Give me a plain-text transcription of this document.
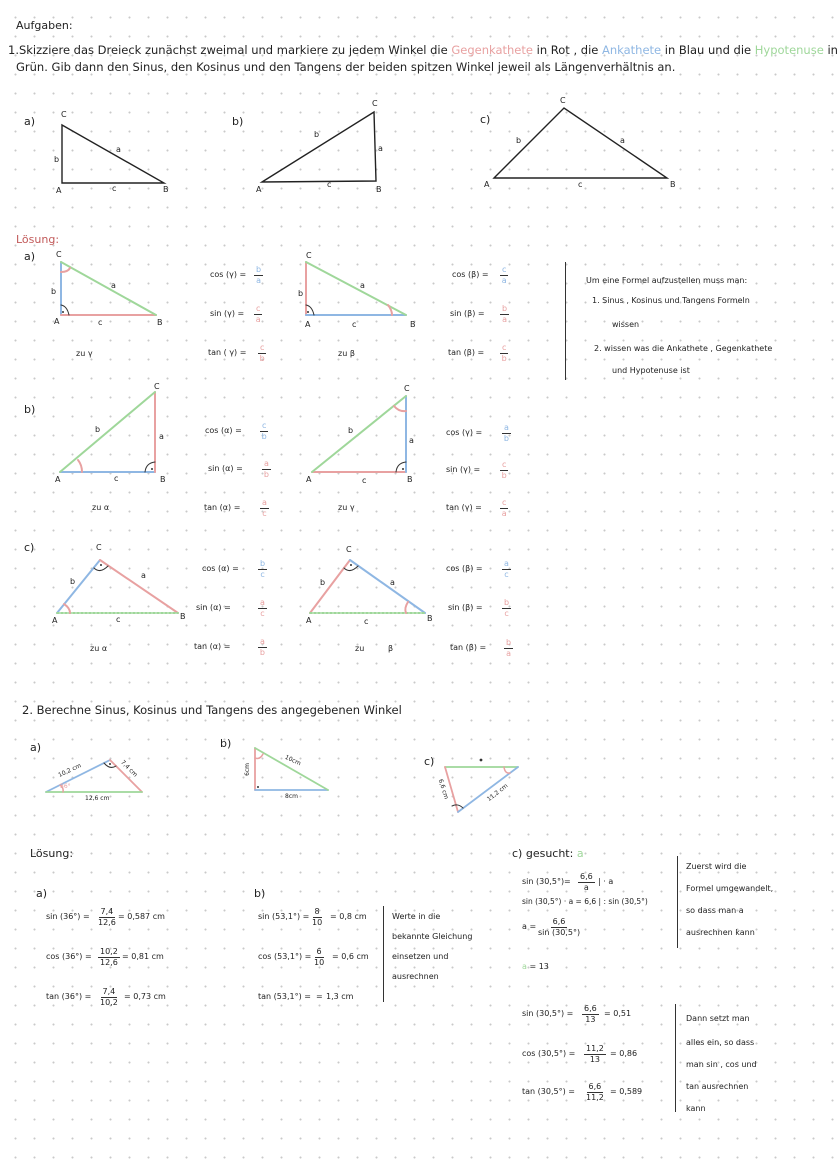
Aufgaben:
1.Skizziere das Dreieck zunächst zweimal und markiere zu jedem Winkel die Gegenkathete in Rot , die Ankathete in Blau und die Hypotenuse in
Grün. Gib dann den Sinus, den Kosinus und den Tangens der beiden spitzen Winkel jeweil als Längenverhältnis an.
a)	b)	c)
C
A	B
b
a
c
C
A	B
b
a
c
C
A	B
b	a
c
Lösung:
a)
b)
c)
C
A	B
b
a
c
zu γ
C
A	B
b
a
c
zu β
C
A	B
b
a
c
zu α
C
A	B
b
a
c
zu γ
C
A	B
b
a
c
zu α
C
A	B
b	a
c
zu	β
$\cos (\gamma) = \frac{b}{a}$
$\sin (\gamma) = \frac{c}{a}$
tan ( $\gamma) = \frac{c}{b}$
$\cos (\beta) = \frac{c}{a}$
$\sin (\beta) = \frac{b}{a}$
$\tan (\beta) = \frac{c}{b}$
$\cos (\alpha) = \frac{c}{b}$
$\sin (\alpha) = \frac{a}{b}$
$\tan (\alpha) = \frac{a}{c}$
$\cos (\gamma) = \frac{a}{b}$
$\sin (\gamma) = \frac{c}{b}$
$\tan (\gamma) = \frac{c}{a}$
$\cos (\alpha) = \frac{b}{c}$
sin (α) =	$\frac{a}{c}$
tan (α) =	$\frac{a}{b}$
$\cos (\beta) = \frac{a}{c}$
$\sin (\beta) = \frac{b}{c}$
$\tan (\beta) = \frac{b}{a}$
Um eine Formel aufzustellen muss man:
1. Sinus , Kosinus und Tangens Formeln
wissen
2. wissen was die Ankathete , Gegenkathete
und Hypotenuse ist
2. Berechne Sinus, Kosinus und Tangens des angegebenen Winkel
a)	b)
c)
10,2 cm	7,4 cm
12,6 cm
36°
10cm
6cm
8cm	6,6 cm	11,2 cm
Lösung:
a)
$\sin (36^\circ) = \frac{7,4}{12,6} = 0,587$ cm
$\cos (36^\circ) = \frac{10,2}{12,6} = 0,81$ cm
$\tan (36^\circ) = \frac{7,4}{10,2} = 0,73$ cm
b)
$\sin (53,1^\circ) = \frac{8}{10} = 0,8$ cm
$\cos (53,1^\circ) = \frac{6}{10} = 0,6$ cm
tan (53,1°) = = 1,3 cm
Werte in die
bekannte Gleichung
einsetzen und
ausrechnen
c) gesucht: a
$\sin (30,5^\circ)= \frac{6,6}{a}$ | · a
sin (30,5°) · a = 6,6 | : sin (30,5°)
$a = \frac{6,6}{\sin (30,5^\circ)}$
a = 13
Zuerst wird die
Formel umgewandelt,
so dass man a
ausrechnen kann
$\sin (30,5^\circ) = \frac{6,6}{13} = 0,51$
$\cos (30,5^\circ) = \frac{11,2}{13} = 0,86$
$\tan (30,5^\circ) = \frac{6,6}{11,2} = 0,589$
Dann setzt man
alles ein, so dass
man sin , cos und
tan ausrechnen
kann
